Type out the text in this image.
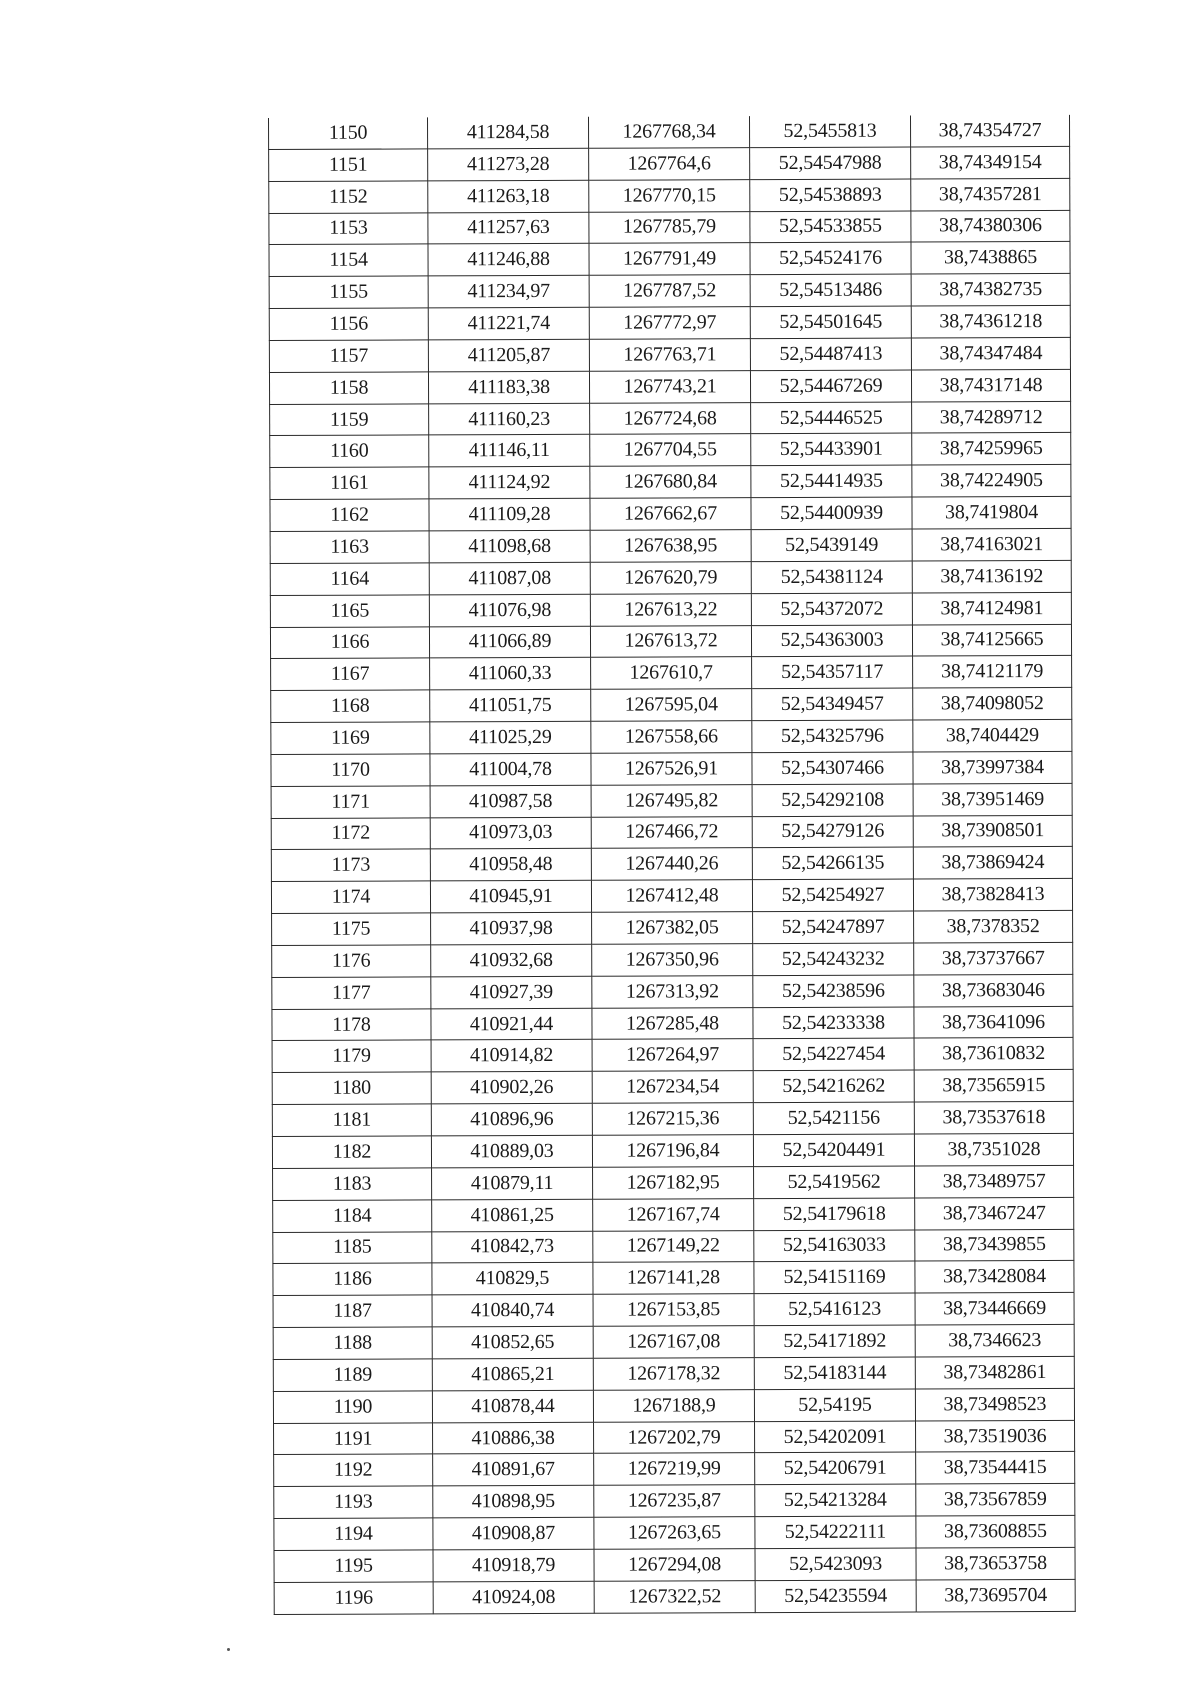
1150	411284,58	1267768,34	52,5455813	38,74354727
1151	411273,28	1267764,6	52,54547988	38,74349154
1152	411263,18	1267770,15	52,54538893	38,74357281
1153	411257,63	1267785,79	52,54533855	38,74380306
1154	411246,88	1267791,49	52,54524176	38,7438865
1155	411234,97	1267787,52	52,54513486	38,74382735
1156	411221,74	1267772,97	52,54501645	38,74361218
1157	411205,87	1267763,71	52,54487413	38,74347484
1158	411183,38	1267743,21	52,54467269	38,74317148
1159	411160,23	1267724,68	52,54446525	38,74289712
1160	411146,11	1267704,55	52,54433901	38,74259965
1161	411124,92	1267680,84	52,54414935	38,74224905
1162	411109,28	1267662,67	52,54400939	38,7419804
1163	411098,68	1267638,95	52,5439149	38,74163021
1164	411087,08	1267620,79	52,54381124	38,74136192
1165	411076,98	1267613,22	52,54372072	38,74124981
1166	411066,89	1267613,72	52,54363003	38,74125665
1167	411060,33	1267610,7	52,54357117	38,74121179
1168	411051,75	1267595,04	52,54349457	38,74098052
1169	411025,29	1267558,66	52,54325796	38,7404429
1170	411004,78	1267526,91	52,54307466	38,73997384
1171	410987,58	1267495,82	52,54292108	38,73951469
1172	410973,03	1267466,72	52,54279126	38,73908501
1173	410958,48	1267440,26	52,54266135	38,73869424
1174	410945,91	1267412,48	52,54254927	38,73828413
1175	410937,98	1267382,05	52,54247897	38,7378352
1176	410932,68	1267350,96	52,54243232	38,73737667
1177	410927,39	1267313,92	52,54238596	38,73683046
1178	410921,44	1267285,48	52,54233338	38,73641096
1179	410914,82	1267264,97	52,54227454	38,73610832
1180	410902,26	1267234,54	52,54216262	38,73565915
1181	410896,96	1267215,36	52,5421156	38,73537618
1182	410889,03	1267196,84	52,54204491	38,7351028
1183	410879,11	1267182,95	52,5419562	38,73489757
1184	410861,25	1267167,74	52,54179618	38,73467247
1185	410842,73	1267149,22	52,54163033	38,73439855
1186	410829,5	1267141,28	52,54151169	38,73428084
1187	410840,74	1267153,85	52,5416123	38,73446669
1188	410852,65	1267167,08	52,54171892	38,7346623
1189	410865,21	1267178,32	52,54183144	38,73482861
1190	410878,44	1267188,9	52,54195	38,73498523
1191	410886,38	1267202,79	52,54202091	38,73519036
1192	410891,67	1267219,99	52,54206791	38,73544415
1193	410898,95	1267235,87	52,54213284	38,73567859
1194	410908,87	1267263,65	52,54222111	38,73608855
1195	410918,79	1267294,08	52,5423093	38,73653758
1196	410924,08	1267322,52	52,54235594	38,73695704
